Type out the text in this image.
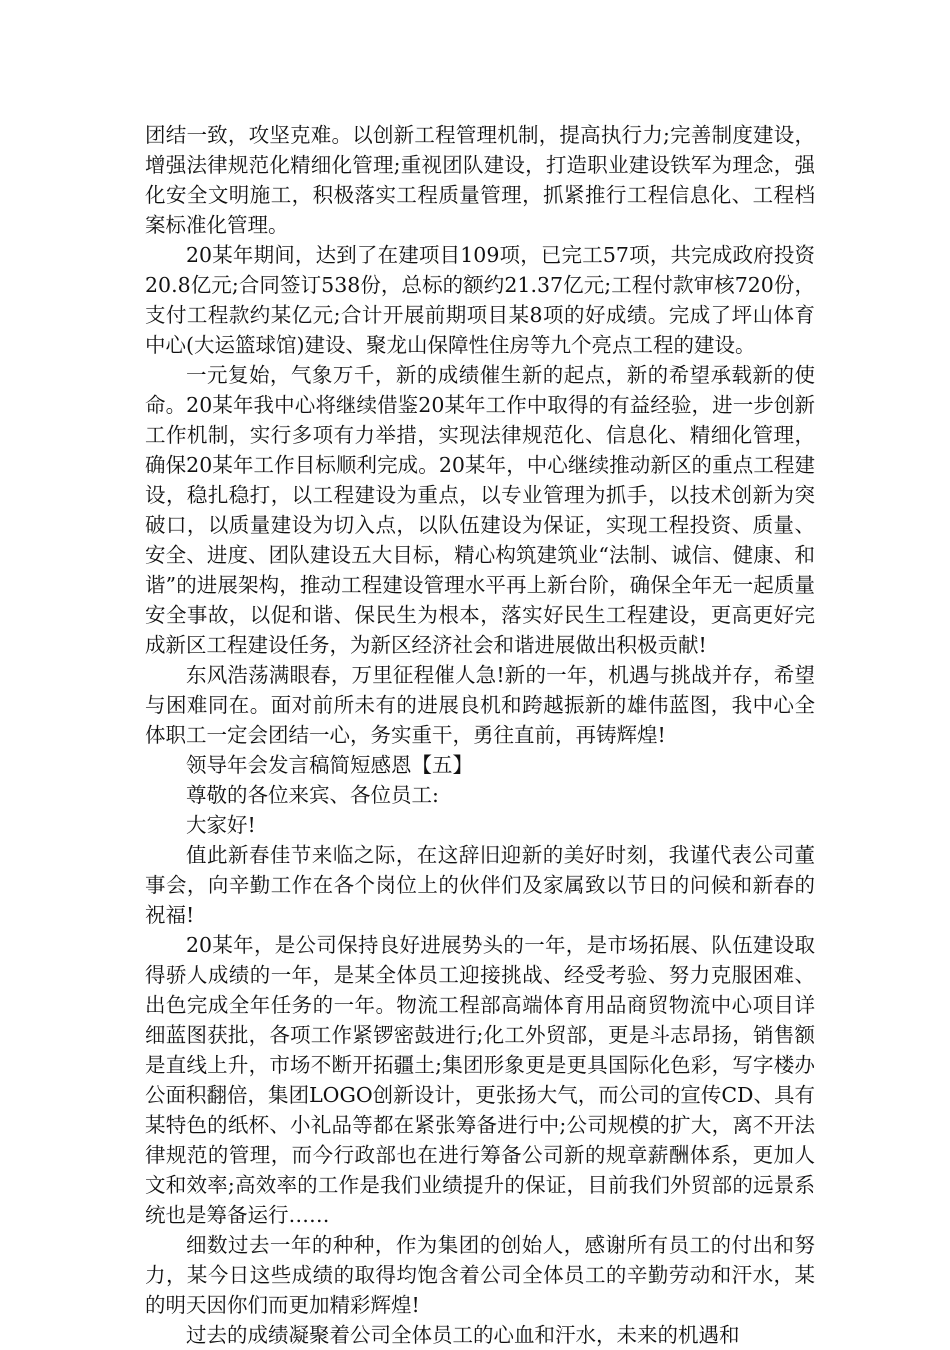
团结一致，攻坚克难。以创新工程管理机制，提高执行力;完善制度建设，增强法律规范化精细化管理;重视团队建设，打造职业建设铁军为理念，强化安全文明施工，积极落实工程质量管理，抓紧推行工程信息化、工程档案标准化管理。

20某年期间，达到了在建项目109项，已完工57项，共完成政府投资20.8亿元;合同签订538份，总标的额约21.37亿元;工程付款审核720份，支付工程款约某亿元;合计开展前期项目某8项的好成绩。完成了坪山体育中心(大运篮球馆)建设、聚龙山保障性住房等九个亮点工程的建设。

一元复始，气象万千，新的成绩催生新的起点，新的希望承载新的使命。20某年我中心将继续借鉴20某年工作中取得的有益经验，进一步创新工作机制，实行多项有力举措，实现法律规范化、信息化、精细化管理，确保20某年工作目标顺利完成。20某年，中心继续推动新区的重点工程建设，稳扎稳打，以工程建设为重点，以专业管理为抓手，以技术创新为突破口，以质量建设为切入点，以队伍建设为保证，实现工程投资、质量、安全、进度、团队建设五大目标，精心构筑建筑业“法制、诚信、健康、和谐”的进展架构，推动工程建设管理水平再上新台阶，确保全年无一起质量安全事故，以促和谐、保民生为根本，落实好民生工程建设，更高更好完成新区工程建设任务，为新区经济社会和谐进展做出积极贡献!

东风浩荡满眼春，万里征程催人急!新的一年，机遇与挑战并存，希望与困难同在。面对前所未有的进展良机和跨越振新的雄伟蓝图，我中心全体职工一定会团结一心，务实重干，勇往直前，再铸辉煌!

领导年会发言稿简短感恩【五】

尊敬的各位来宾、各位员工:

大家好!

值此新春佳节来临之际，在这辞旧迎新的美好时刻，我谨代表公司董事会，向辛勤工作在各个岗位上的伙伴们及家属致以节日的问候和新春的祝福!

20某年，是公司保持良好进展势头的一年，是市场拓展、队伍建设取得骄人成绩的一年，是某全体员工迎接挑战、经受考验、努力克服困难、出色完成全年任务的一年。物流工程部高端体育用品商贸物流中心项目详细蓝图获批，各项工作紧锣密鼓进行;化工外贸部，更是斗志昂扬，销售额是直线上升，市场不断开拓疆土;集团形象更是更具国际化色彩，写字楼办公面积翻倍，集团LOGO创新设计，更张扬大气，而公司的宣传CD、具有某特色的纸杯、小礼品等都在紧张筹备进行中;公司规模的扩大，离不开法律规范的管理，而今行政部也在进行筹备公司新的规章薪酬体系，更加人文和效率;高效率的工作是我们业绩提升的保证，目前我们外贸部的远景系统也是筹备运行……

细数过去一年的种种，作为集团的创始人，感谢所有员工的付出和努力，某今日这些成绩的取得均饱含着公司全体员工的辛勤劳动和汗水，某的明天因你们而更加精彩辉煌!

过去的成绩凝聚着公司全体员工的心血和汗水，未来的机遇和
